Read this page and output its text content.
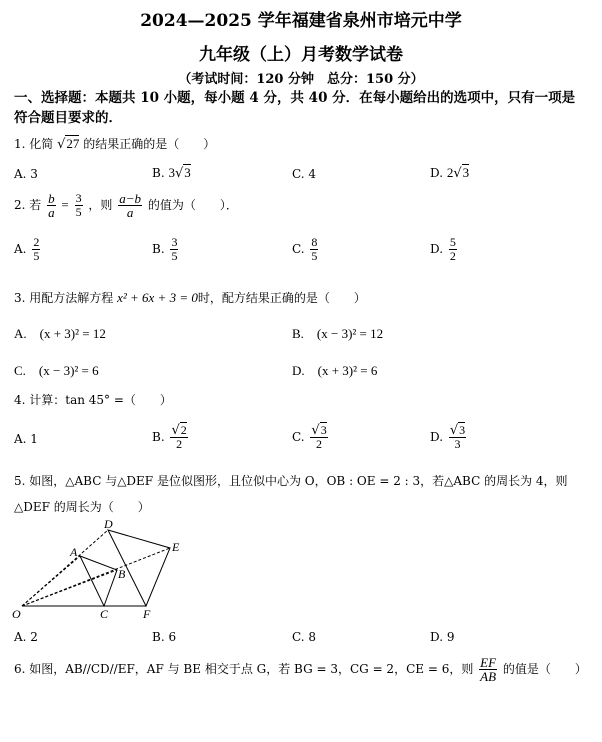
2024—2025 学年福建省泉州市培元中学
九年级（上）月考数学试卷
（考试时间：120 分钟　总分：150 分）
一、选择题：本题共 10 小题，每小题 4 分，共 40 分．在每小题给出的选项中，只有一项是
符合题目要求的．
1. 化简 √27 的结果正确的是（　　）
A. 3	B. 3√3	C. 4	D. 2√3
2. 若 $\frac{b}{a} = \frac{3}{5}$ ，则 $\frac{a-b}{a}$ 的值为（　　）．
A. $\frac{2}{5}$	B. $\frac{3}{5}$	C. $\frac{8}{5}$	D. $\frac{5}{2}$
3. 用配方法解方程 x² + 6x + 3 = 0时，配方结果正确的是（　　）
A.　(x + 3)² = 12	B.　(x − 3)² = 12
C.　(x − 3)² = 6	D.　(x + 3)² = 6
4. 计算：tan 45° =（　　）
A. 1	B. $\frac{√2}{2}$	C. $\frac{√3}{2}$	D. $\frac{√3}{3}$
5. 如图，△ABC 与△DEF 是位似图形，且位似中心为 O，OB : OE = 2 : 3，若△ABC 的周长为 4，则
△DEF 的周长为（　　）
O
A
B
C
D
E
F
A. 2	B. 6	C. 8	D. 9
6. 如图，AB//CD//EF，AF 与 BE 相交于点 G，若 BG = 3，CG = 2，CE = 6，则 $\frac{EF}{AB}$ 的值是（　　）
